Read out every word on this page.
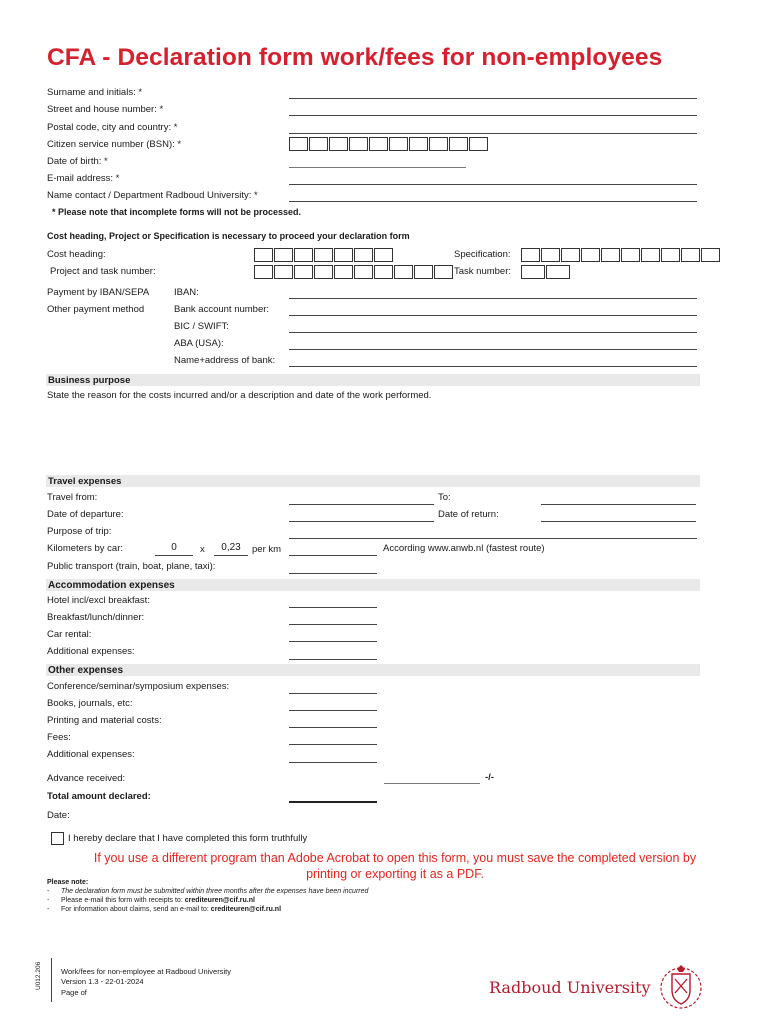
CFA - Declaration form work/fees for non-employees
Surname and initials: *
Street and house number: *
Postal code, city and country: *
Citizen service number (BSN): *
Date of birth: *
E-mail address: *
Name contact / Department Radboud University: *
* Please note that incomplete forms will not be processed.
Cost heading, Project or Specification is necessary to proceed your declaration form
Cost heading:	Specification:
Project and task number:	Task number:
Payment by IBAN/SEPA	IBAN:
Other payment method	Bank account number:
BIC / SWIFT:
ABA (USA):
Name+address of bank:
Business purpose
State the reason for the costs incurred and/or a description and date of the work performed.
Travel expenses
Travel from:	To:
Date of departure:	Date of return:
Purpose of trip:
Kilometers by car:	0	x	0,23	per km	According www.anwb.nl (fastest route)
Public transport (train, boat, plane, taxi):
Accommodation expenses
Hotel incl/excl breakfast:
Breakfast/lunch/dinner:
Car rental:
Additional expenses:
Other expenses
Conference/seminar/symposium expenses:
Books, journals, etc:
Printing and material costs:
Fees:
Additional expenses:
Advance received:	-/-
Total amount declared:
Date:
I hereby declare that I have completed this form truthfully
If you use a different program than Adobe Acrobat to open this form, you must save the completed version by printing or exporting it as a PDF.
Please note:
- The declaration form must be submitted within three months after the expenses have been incurred
- Please e-mail this form with receipts to: crediteuren@cif.ru.nl
- For information about claims, send an e-mail to: crediteuren@cif.ru.nl
U012.206	Work/fees for non-employee at Radboud University
Version 1.3 - 22-01-2024
Page of	Radboud University
